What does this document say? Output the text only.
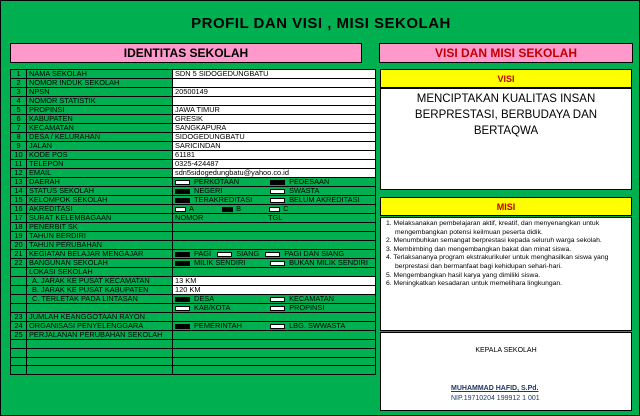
PROFIL DAN VISI , MISI SEKOLAH
IDENTITAS SEKOLAH	VISI DAN MISI SEKOLAH
1	NAMA SEKOLAH	SDN 5 SIDOGEDUNGBATU
2	NOMOR INDUK SEKOLAH	
3	NPSN	20500149
4	NOMOR STATISTIK	
5	PROPINSI	JAWA TIMUR
6	KABUPATEN	GRESIK
7	KECAMATAN	SANGKAPURA
8	DESA / KELURAHAN	SIDOGEDUNGBATU
9	JALAN	SARICINDAN
10	KODE POS	61181
11	TELEPON	0325-424487
12	EMAIL	sdn5sidogedungbatu@yahoo.co.id
13	DAERAH	PERKOTAAN PEDESAAN
14	STATUS SEKOLAH	NEGERI SWASTA
15	KELOMPOK SEKOLAH	TERAKREDITASI BELUM AKREDITASI
16	AKREDITASI	A B C
17	SURAT KELEMBAGAAN	NOMOR TGL
18	PENERBIT SK	
19	TAHUN BERDIRI	
20	TAHUN PERUBAHAN	
21	KEGIATAN BELAJAR MENGAJAR	PAGI SIANG PAGI DAN SIANG
22	BANGUNAN SEKOLAH	MILIK SENDIRI BUKAN MILIK SENDIRI
	LOKASI SEKOLAH	
	A. JARAK KE PUSAT KECAMATAN	13 KM
	B. JARAK KE PUSAT KABUPATEN	120 KM
	C. TERLETAK PADA LINTASAN	DESA KECAMATAN
		KAB/KOTA PROPINSI
23	JUMLAH KEANGGOTAAN RAYON	
24	ORGANISASI PENYELENGGARA	PEMERINTAH LBG. SWWASTA
25	PERJALANAN PERUBAHAN SEKOLAH	

VISI
MENCIPTAKAN KUALITAS INSAN BERPRESTASI, BERBUDAYA DAN BERTAQWA
MISI
1. Melaksanakan pembelajaran aktif, kreatif, dan menyenangkan untuk mengembangkan potensi keilmuan peserta didik.
2. Menumbuhkan semangat berprestasi kepada seluruh warga sekolah.
3. Membimbing dan mengembangkan bakat dan minat siswa.
4. Terlaksananya program ekstrakurikuler untuk menghasilkan siswa yang berprestasi dan bermanfaat bagi kehidupan sehari-hari.
5. Mengembangkan hasil karya yang dimiliki siswa.
6. Meningkatkan kesadaran untuk memelihara lingkungan.
KEPALA SEKOLAH
MUHAMMAD HAFID, S.Pd.
NIP.19710204 199912 1 001
